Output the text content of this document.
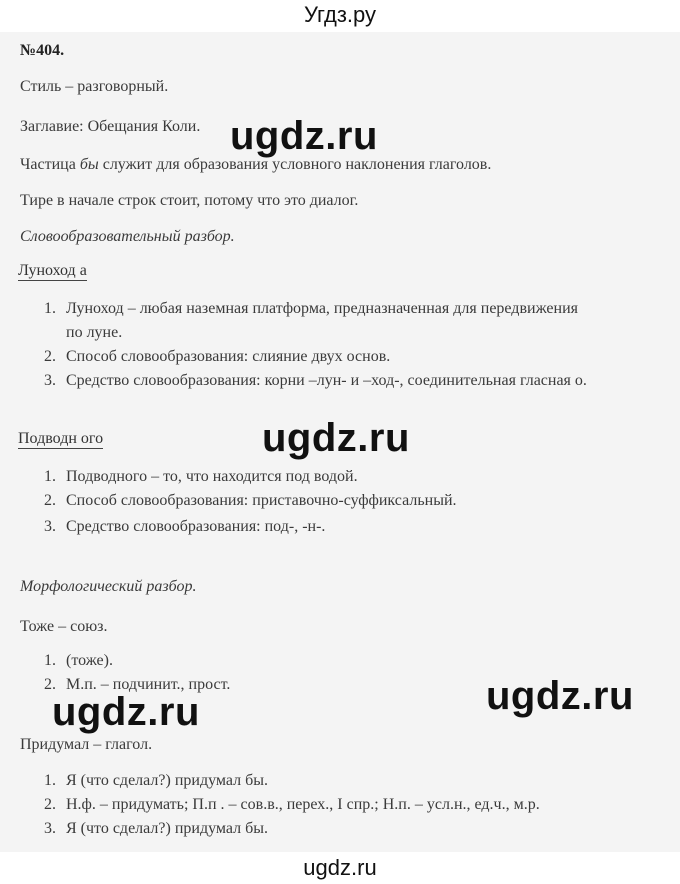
Угдз.ру
№404.
Стиль – разговорный.
Заглавие: Обещания Коли.
Частица бы служит для образования условного наклонения глаголов.
Тире в начале строк стоит, потому что это диалог.
Словообразовательный разбор.
Луноход а
1. Луноход – любая наземная платформа, предназначенная для передвижения
по луне.
2. Способ словообразования: слияние двух основ.
3. Средство словообразования: корни –лун- и –ход-, соединительная гласная о.
Подводн ого
1. Подводного – то, что находится под водой.
2. Способ словообразования: приставочно-суффиксальный.
3. Средство словообразования: под-, -н-.
Морфологический разбор.
Тоже – союз.
1. (тоже).
2. М.п. – подчинит., прост.
Придумал – глагол.
1. Я (что сделал?) придумал бы.
2. Н.ф. – придумать; П.п . – сов.в., перех., I спр.; Н.п. – усл.н., ед.ч., м.р.
3. Я (что сделал?) придумал бы.
ugdz.ru
ugdz.ru
ugdz.ru
ugdz.ru
ugdz.ru
